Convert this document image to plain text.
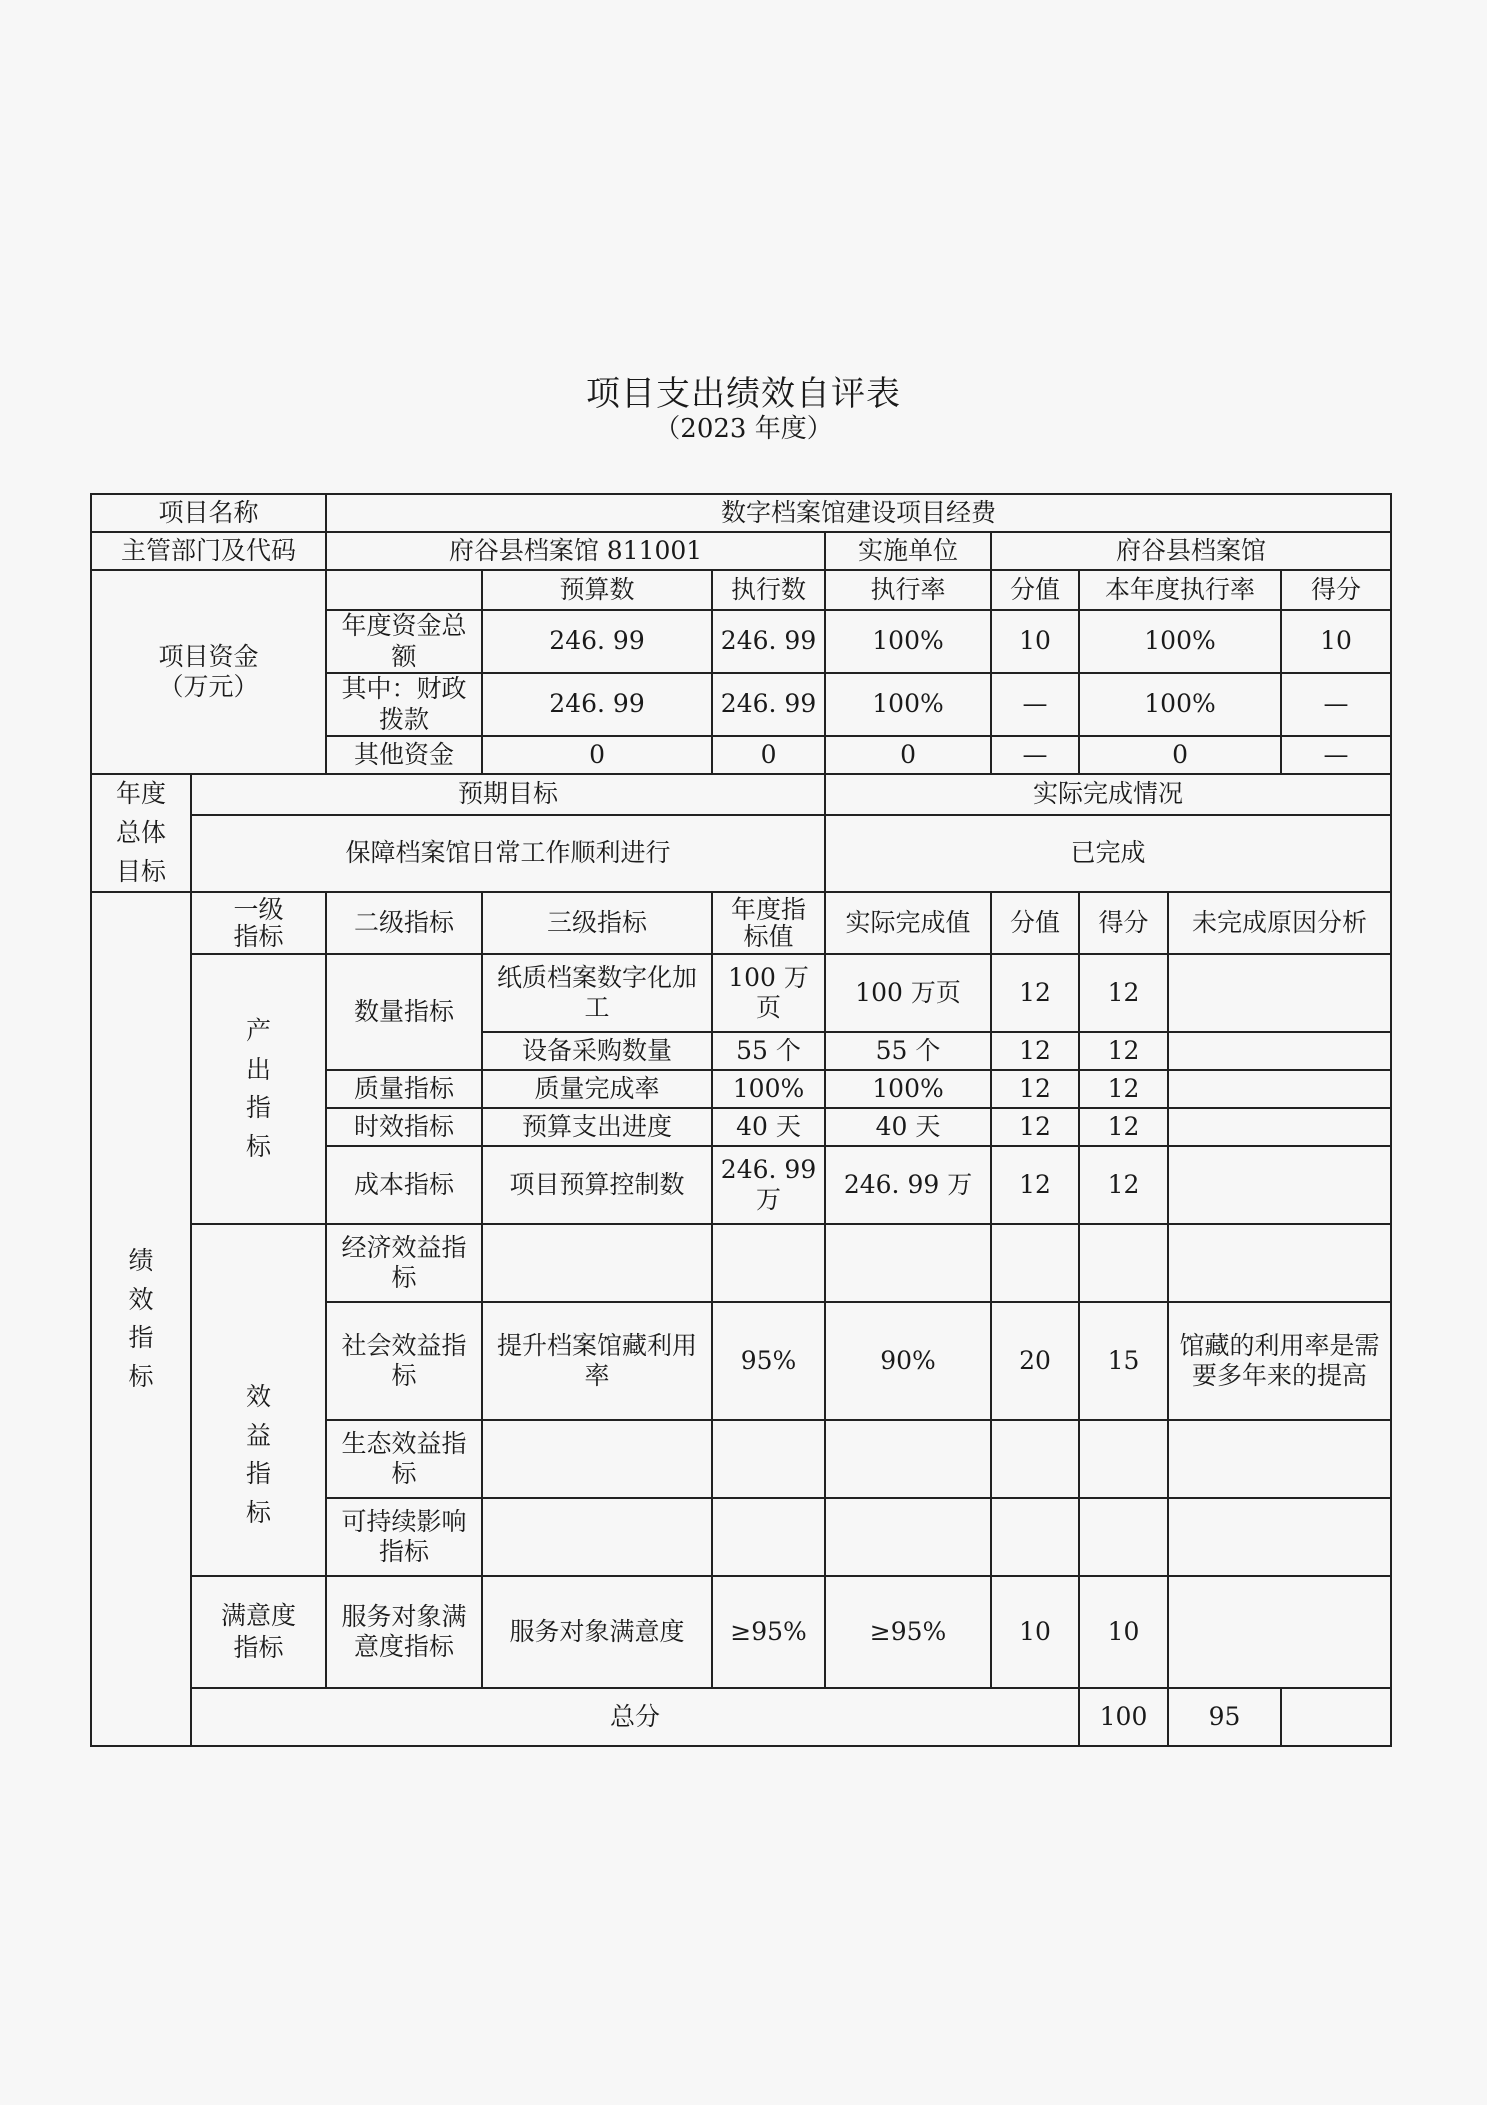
项目支出绩效自评表
（2023 年度）
项目名称		数字档案馆建设项目经费							
主管部门及代码		府谷县档案馆 811001			实施单位	府谷县档案馆			

项目资金
（万元）			预算数	执行数	执行率	分值	本年度执行率		得分
		年度资金总额	246. 99	246. 99	100%	10	100%		10
		其中：财政拨款	246. 99	246. 99	100%	—	100%		—
		其他资金	0	0	0	—	0		—

年度总体目标	预期目标				实际完成情况				
	保障档案馆日常工作顺利进行				已完成				

绩效指标	一级指标	二级指标	三级指标	年度指标值	实际完成值	分值	得分	未完成原因分析	

	产出指标	数量指标	纸质档案数字化加工	100 万页	100 万页	12	12		
			设备采购数量	55 个	55 个	12	12		
		质量指标	质量完成率	100%	100%	12	12		
		时效指标	预算支出进度	40 天	40 天	12	12		
		成本指标	项目预算控制数	246. 99 万	246. 99 万	12	12		

	效益指标	经济效益指标							
		社会效益指标	提升档案馆藏利用率	95%	90%	20	15	馆藏的利用率是需要多年来的提高	
		生态效益指标							
		可持续影响指标							

	满意度指标	服务对象满意度指标	服务对象满意度	≥95%	≥95%	10	10		
	总分						100	95	
